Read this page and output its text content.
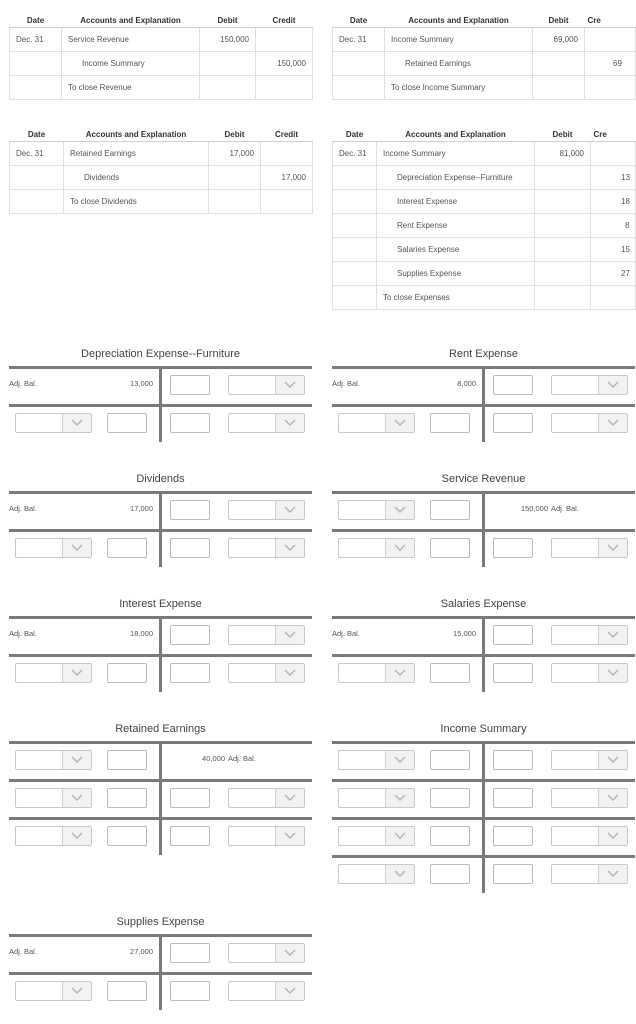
Date	Accounts and Explanation	Debit	Credit
Dec. 31	Service Revenue	150,000	
	Income Summary		150,000
	To close Revenue		
Date	Accounts and Explanation	Debit	Cre
Dec. 31	Income Summary	69,000	
	Retained Earnings		69
	To close Income Summary		
Date	Accounts and Explanation	Debit	Credit
Dec. 31	Retained Earnings	17,000	
	Dividends		17,000
	To close Dividends		
Date	Accounts and Explanation	Debit	Cre
Dec. 31	Income Summary	81,000	
	Depreciation Expense--Furniture		13
	Interest Expense		18
	Rent Expense		8
	Salaries Expense		15
	Supplies Expense		27
	To close Expenses		
Depreciation Expense--Furniture
Adj. Bal.	13,000
Rent Expense
Adj. Bal.	8,000
Dividends
Adj. Bal.	17,000
Service Revenue
150,000 Adj. Bal.
Interest Expense
Adj. Bal.	18,000
Salaries Expense
Adj. Bal.	15,000
Retained Earnings
40,000 Adj. Bal.
Income Summary
Supplies Expense
Adj. Bal.	27,000
